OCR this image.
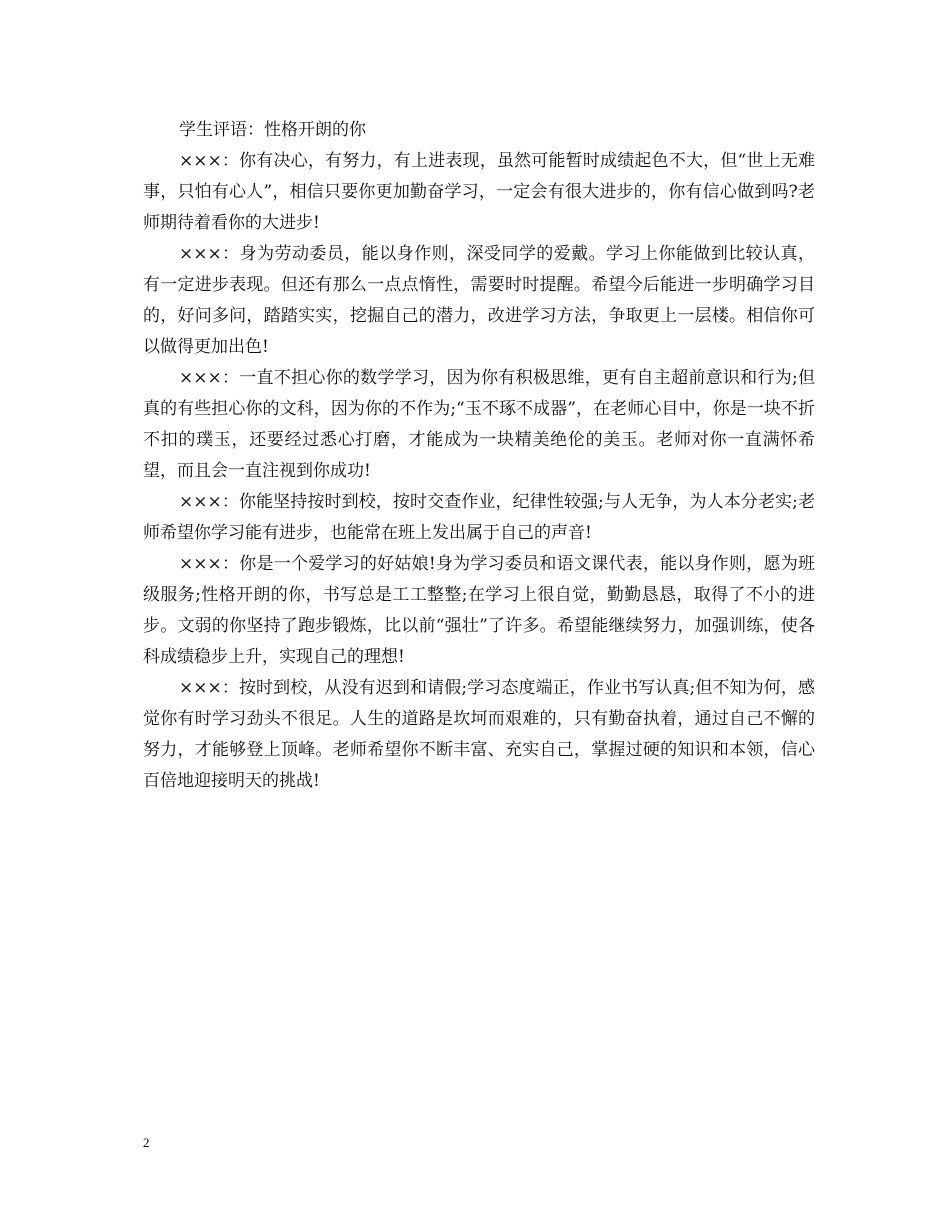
学生评语：性格开朗的你

×××：你有决心，有努力，有上进表现，虽然可能暂时成绩起色不大，但“世上无难事，只怕有心人”，相信只要你更加勤奋学习，一定会有很大进步的，你有信心做到吗?老师期待着看你的大进步!

×××：身为劳动委员，能以身作则，深受同学的爱戴。学习上你能做到比较认真，有一定进步表现。但还有那么一点点惰性，需要时时提醒。希望今后能进一步明确学习目的，好问多问，踏踏实实，挖掘自己的潜力，改进学习方法，争取更上一层楼。相信你可以做得更加出色!

×××：一直不担心你的数学学习，因为你有积极思维，更有自主超前意识和行为;但真的有些担心你的文科，因为你的不作为;“玉不琢不成器”，在老师心目中，你是一块不折不扣的璞玉，还要经过悉心打磨，才能成为一块精美绝伦的美玉。老师对你一直满怀希望，而且会一直注视到你成功!

×××：你能坚持按时到校，按时交查作业，纪律性较强;与人无争，为人本分老实;老师希望你学习能有进步，也能常在班上发出属于自己的声音!

×××：你是一个爱学习的好姑娘!身为学习委员和语文课代表，能以身作则，愿为班级服务;性格开朗的你，书写总是工工整整;在学习上很自觉，勤勤恳恳，取得了不小的进步。文弱的你坚持了跑步锻炼，比以前“强壮”了许多。希望能继续努力，加强训练，使各科成绩稳步上升，实现自己的理想!

×××：按时到校，从没有迟到和请假;学习态度端正，作业书写认真;但不知为何，感觉你有时学习劲头不很足。人生的道路是坎坷而艰难的，只有勤奋执着，通过自己不懈的努力，才能够登上顶峰。老师希望你不断丰富、充实自己，掌握过硬的知识和本领，信心百倍地迎接明天的挑战!

2
